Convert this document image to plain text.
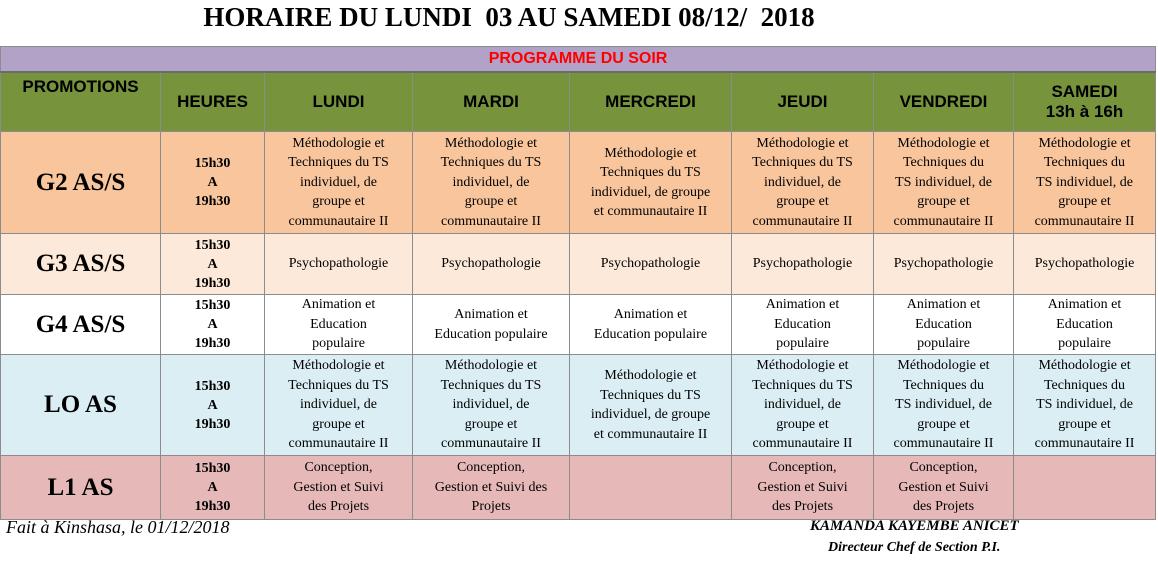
HORAIRE DU LUNDI  03 AU SAMEDI 08/12/  2018
PROGRAMME DU SOIR							
PROMOTIONS	HEURES	LUNDI	MARDI	MERCREDI	JEUDI	VENDREDI	SAMEDI
13h à 16h

G2 AS/S	15h30
A
19h30	Méthodologie et
Techniques du TS
individuel, de
groupe et
communautaire II	Méthodologie et
Techniques du TS
individuel, de
groupe et
communautaire II	Méthodologie et
Techniques du TS
individuel, de groupe
et communautaire II	Méthodologie et
Techniques du TS
individuel, de
groupe et
communautaire II	Méthodologie et
Techniques du
TS individuel, de
groupe et
communautaire II	Méthodologie et
Techniques du
TS individuel, de
groupe et
communautaire II

G3 AS/S	15h30
A
19h30	Psychopathologie	Psychopathologie	Psychopathologie	Psychopathologie	Psychopathologie	Psychopathologie

G4 AS/S	15h30
A
19h30	Animation et
Education
populaire	Animation et
Education populaire	Animation et
Education populaire	Animation et
Education
populaire	Animation et
Education
populaire	Animation et
Education
populaire

LO AS	15h30
A
19h30	Méthodologie et
Techniques du TS
individuel, de
groupe et
communautaire II	Méthodologie et
Techniques du TS
individuel, de
groupe et
communautaire II	Méthodologie et
Techniques du TS
individuel, de groupe
et communautaire II	Méthodologie et
Techniques du TS
individuel, de
groupe et
communautaire II	Méthodologie et
Techniques du
TS individuel, de
groupe et
communautaire II	Méthodologie et
Techniques du
TS individuel, de
groupe et
communautaire II

L1 AS	15h30
A
19h30	Conception,
Gestion et Suivi
des Projets	Conception,
Gestion et Suivi des
Projets		Conception,
Gestion et Suivi
des Projets	Conception,
Gestion et Suivi
des Projets	

Fait à Kinshasa, le 01/12/2018	KAMANDA KAYEMBE ANICET
Directeur Chef de Section P.I.
